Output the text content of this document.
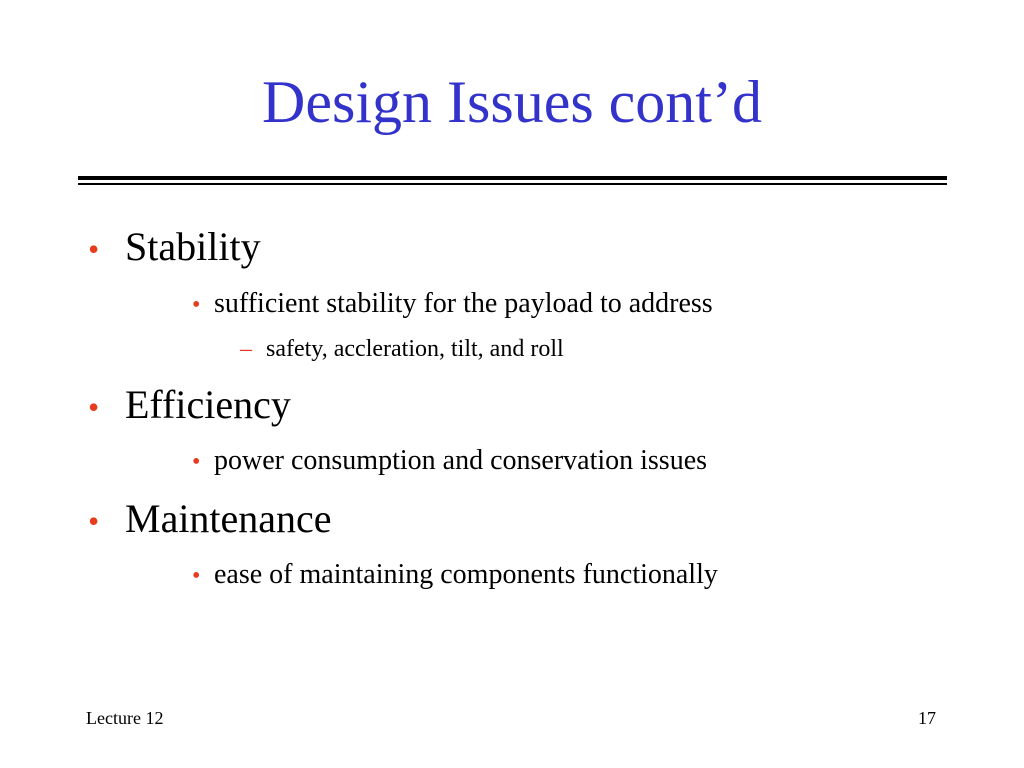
Design Issues cont’d
• Stability
• sufficient stability for the payload to address
– safety, accleration, tilt, and roll
• Efficiency
• power consumption and conservation issues
• Maintenance
• ease of maintaining components functionally
Lecture 12	17
